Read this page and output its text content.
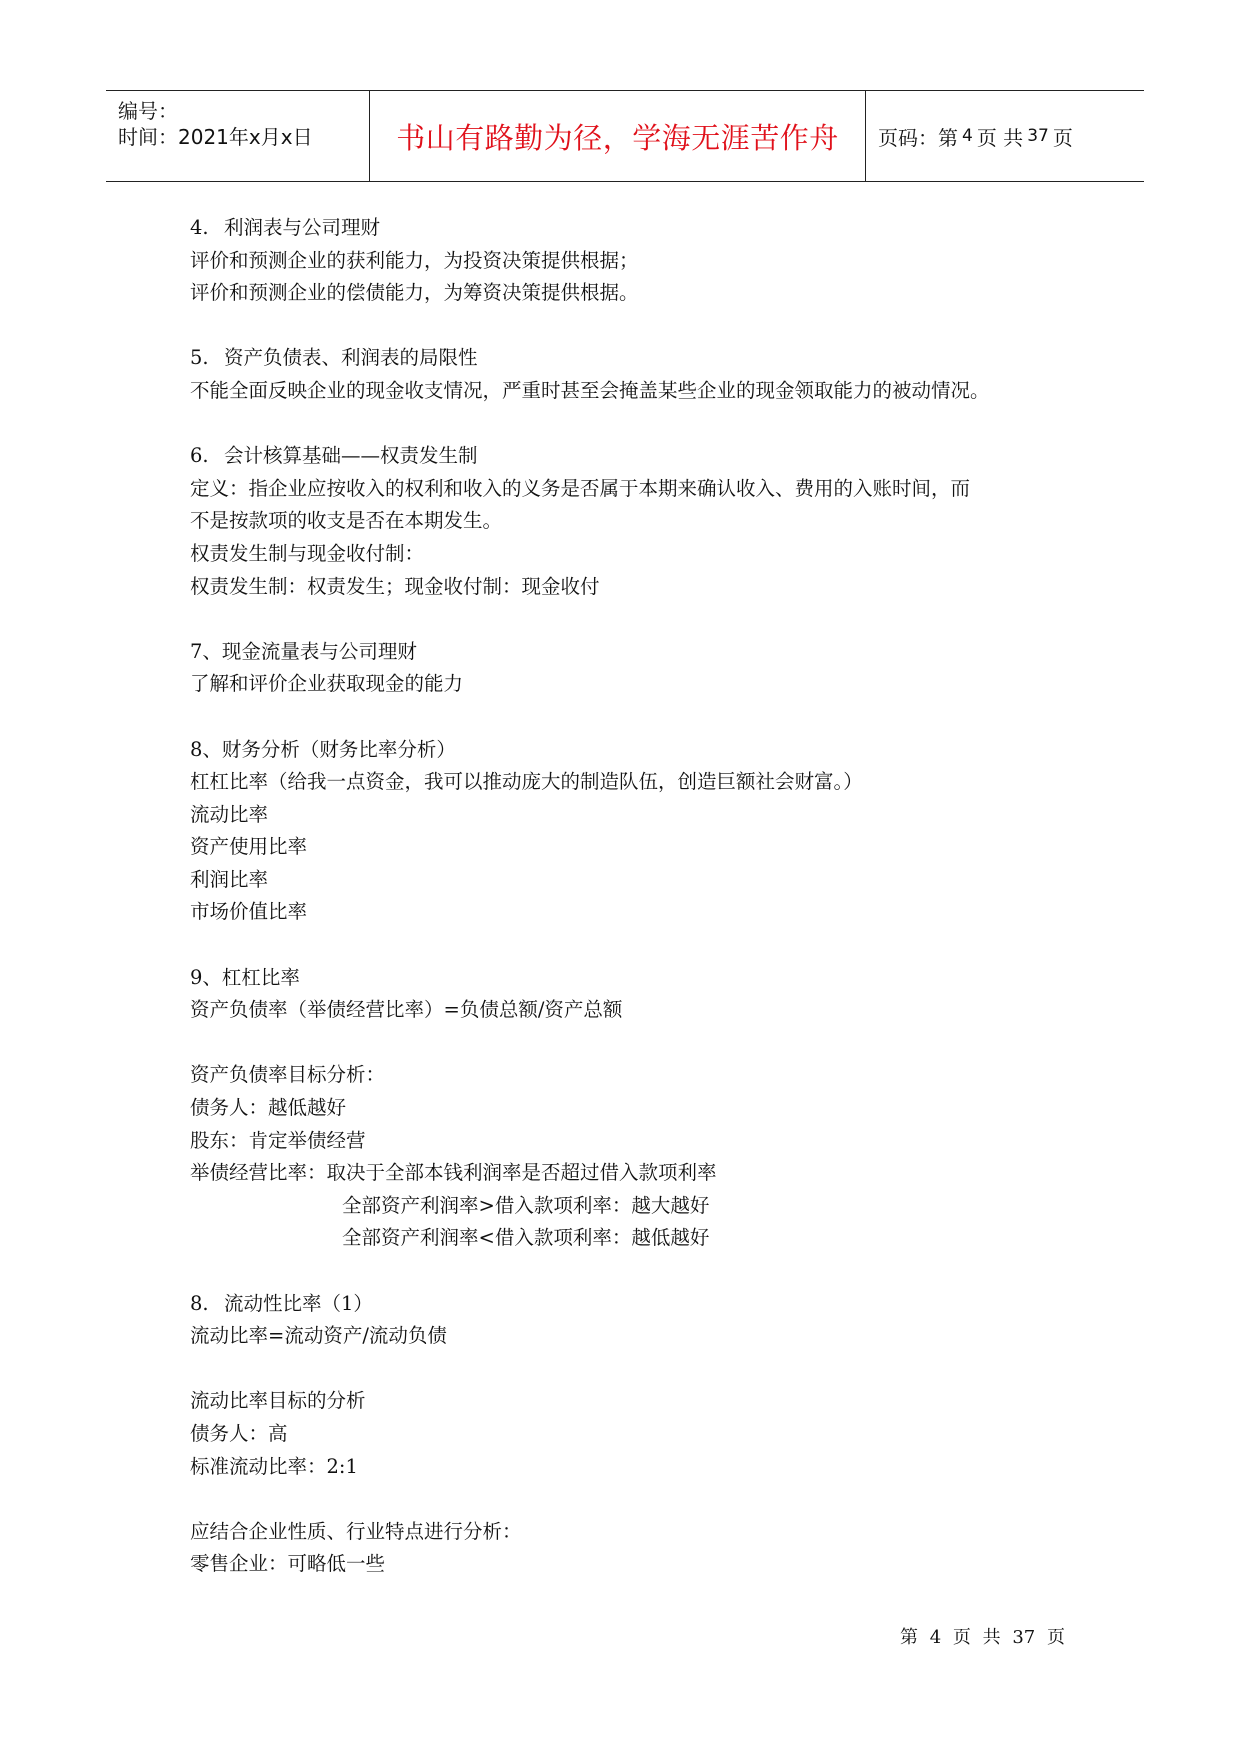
编号：
时间：2021年x月x日	书山有路勤为径，学海无涯苦作舟	页码：第 4 页 共 37 页
4. 利润表与公司理财
评价和预测企业的获利能力，为投资决策提供根据；
评价和预测企业的偿债能力，为筹资决策提供根据。
5. 资产负债表、利润表的局限性
不能全面反映企业的现金收支情况，严重时甚至会掩盖某些企业的现金领取能力的被动情况。
6. 会计核算基础——权责发生制
定义：指企业应按收入的权利和收入的义务是否属于本期来确认收入、费用的入账时间，而
不是按款项的收支是否在本期发生。
权责发生制与现金收付制：
权责发生制：权责发生；现金收付制：现金收付
7、现金流量表与公司理财
了解和评价企业获取现金的能力
8、财务分析（财务比率分析）
杠杠比率（给我一点资金，我可以推动庞大的制造队伍，创造巨额社会财富。）
流动比率
资产使用比率
利润比率
市场价值比率
9、杠杠比率
资产负债率（举债经营比率）=负债总额/资产总额
资产负债率目标分析：
债务人：越低越好
股东：肯定举债经营
举债经营比率：取决于全部本钱利润率是否超过借入款项利率
全部资产利润率>借入款项利率：越大越好
全部资产利润率<借入款项利率：越低越好
8. 流动性比率（1）
流动比率=流动资产/流动负债
流动比率目标的分析
债务人：高
标准流动比率：2:1
应结合企业性质、行业特点进行分析：
零售企业：可略低一些
第 4 页 共 37 页
